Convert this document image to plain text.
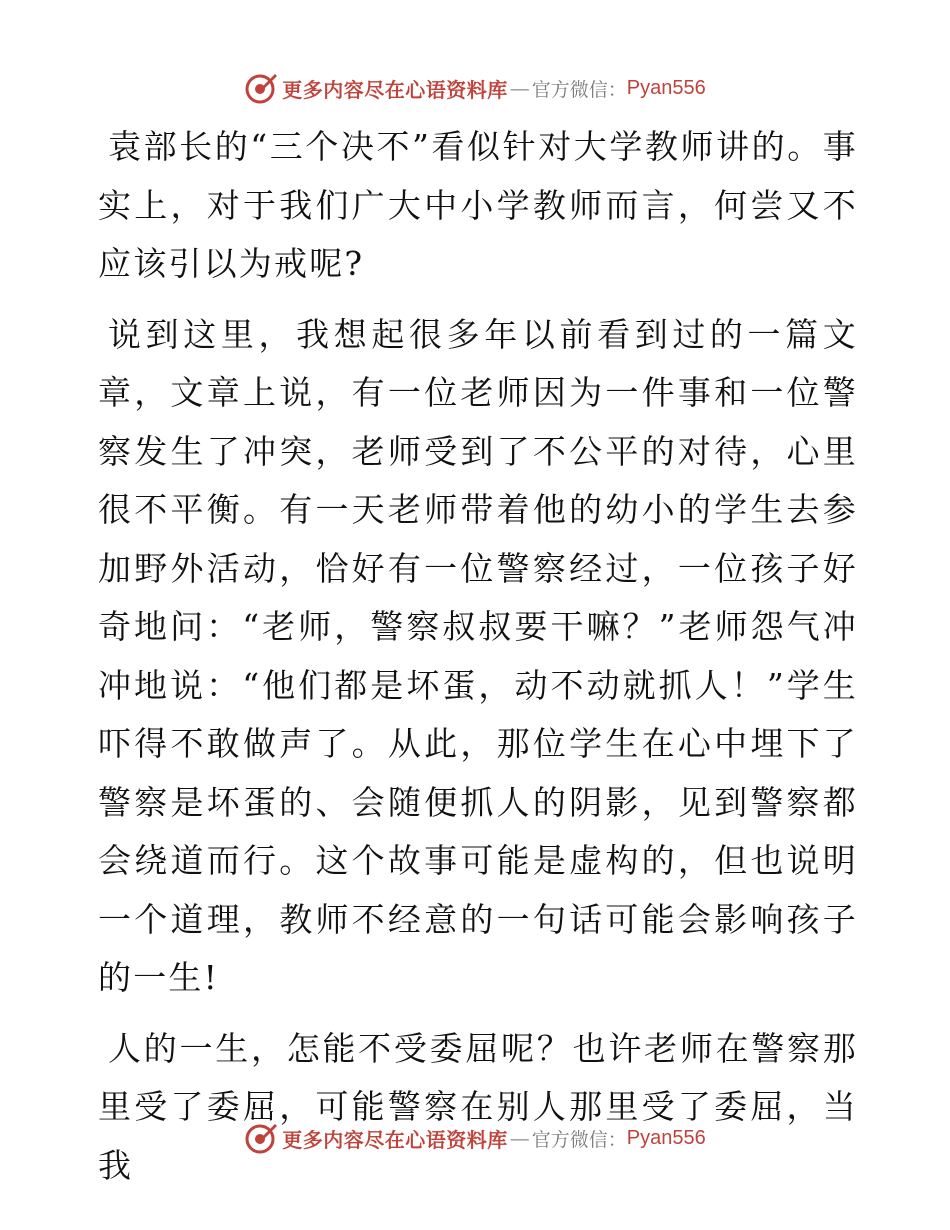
更多内容尽在心语资料库 — 官方微信： Pyan556

袁部长的“三个决不”看似针对大学教师讲的。事实上，对于我们广大中小学教师而言，何尝又不应该引以为戒呢?

说到这里，我想起很多年以前看到过的一篇文章，文章上说，有一位老师因为一件事和一位警察发生了冲突，老师受到了不公平的对待，心里很不平衡。有一天老师带着他的幼小的学生去参加野外活动，恰好有一位警察经过，一位孩子好奇地问：“老师，警察叔叔要干嘛？”老师怨气冲冲地说：“他们都是坏蛋，动不动就抓人！”学生吓得不敢做声了。从此，那位学生在心中埋下了警察是坏蛋的、会随便抓人的阴影，见到警察都会绕道而行。这个故事可能是虚构的，但也说明一个道理，教师不经意的一句话可能会影响孩子的一生!

人的一生，怎能不受委屈呢？也许老师在警察那里受了委屈，可能警察在别人那里受了委屈，当我

更多内容尽在心语资料库 — 官方微信： Pyan556
